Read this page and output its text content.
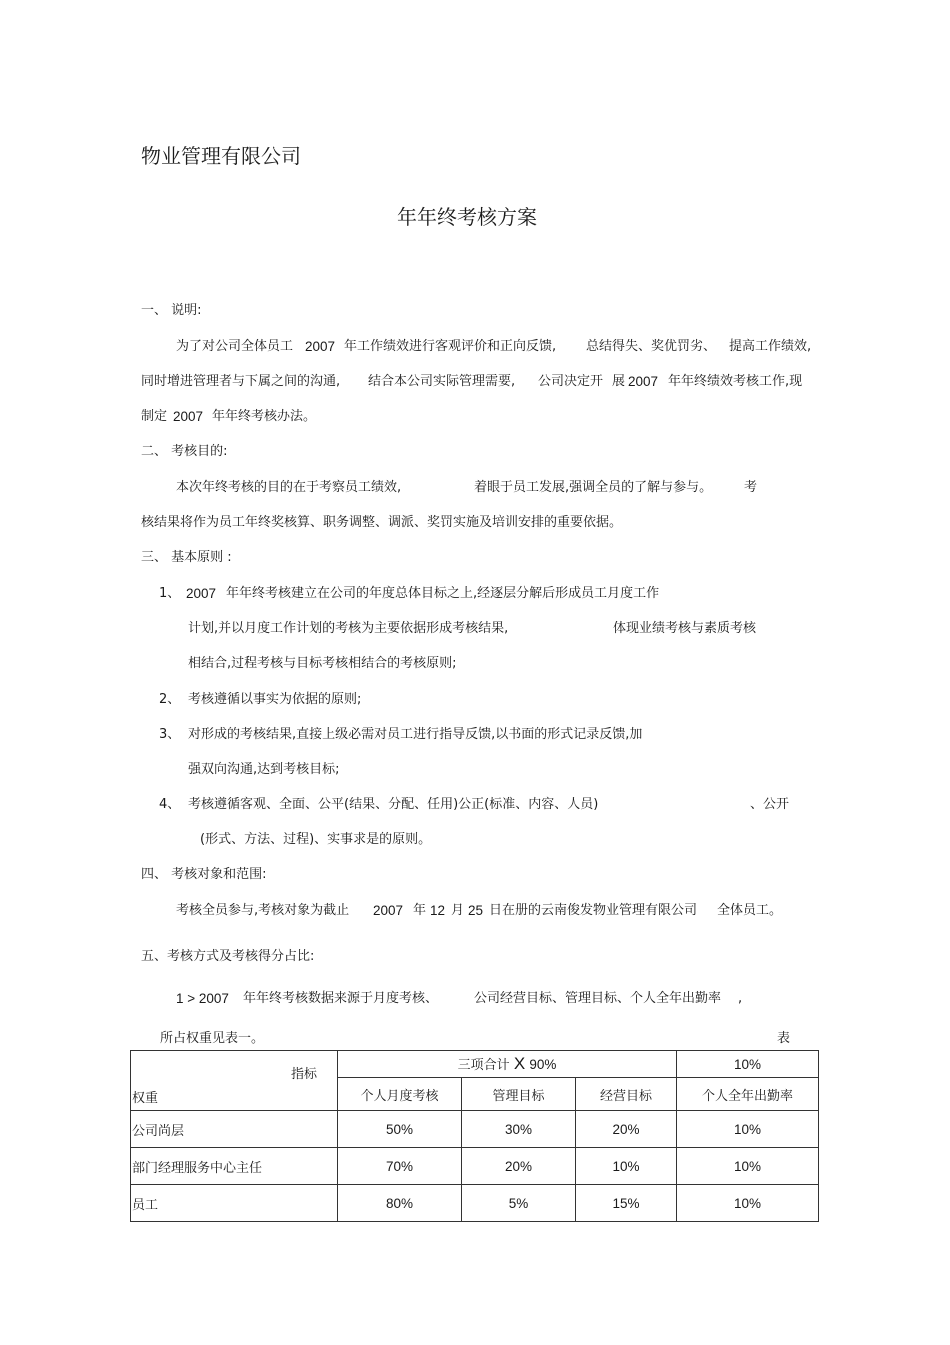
物业管理有限公司
年年终考核方案
一、 说明:
为了对公司全体员工 2007 年工作绩效进行客观评价和正向反馈, 总结得失、奖优罚劣、 提高工作绩效,
同时增进管理者与下属之间的沟通, 结合本公司实际管理需要, 公司决定开 展 2007 年年终绩效考核工作,现
制定 2007 年年终考核办法。
二、 考核目的:
本次年终考核的目的在于考察员工绩效,	着眼于员工发展,强调全员的了解与参与。 考
核结果将作为员工年终奖核算、职务调整、调派、奖罚实施及培训安排的重要依据。
三、 基本原则 :
1、 2007 年年终考核建立在公司的年度总体目标之上,经逐层分解后形成员工月度工作
计划,并以月度工作计划的考核为主要依据形成考核结果,	体现业绩考核与素质考核
相结合,过程考核与目标考核相结合的考核原则;
2、 考核遵循以事实为依据的原则;
3、 对形成的考核结果,直接上级必需对员工进行指导反馈,以书面的形式记录反馈,加
强双向沟通,达到考核目标;
4、 考核遵循客观、全面、公平(结果、分配、任用)公正(标准、内容、人员)	、公开
(形式、方法、过程)、实事求是的原则。
四、 考核对象和范围:
考核全员参与,考核对象为截止 2007 年 12 月 25 日在册的云南俊发物业管理有限公司 全体员工。
五、考核方式及考核得分占比:
1 > 2007 年年终考核数据来源于月度考核、	公司经营目标、管理目标、个人全年出勤率 ,
所占权重见表一。	表
指标
权重	三项合计 X 90%			10%
	个人月度考核	管理目标	经营目标	个人全年出勤率
公司尚层	50%	30%	20%	10%
部门经理服务中心主任	70%	20%	10%	10%
员工	80%	5%	15%	10%
